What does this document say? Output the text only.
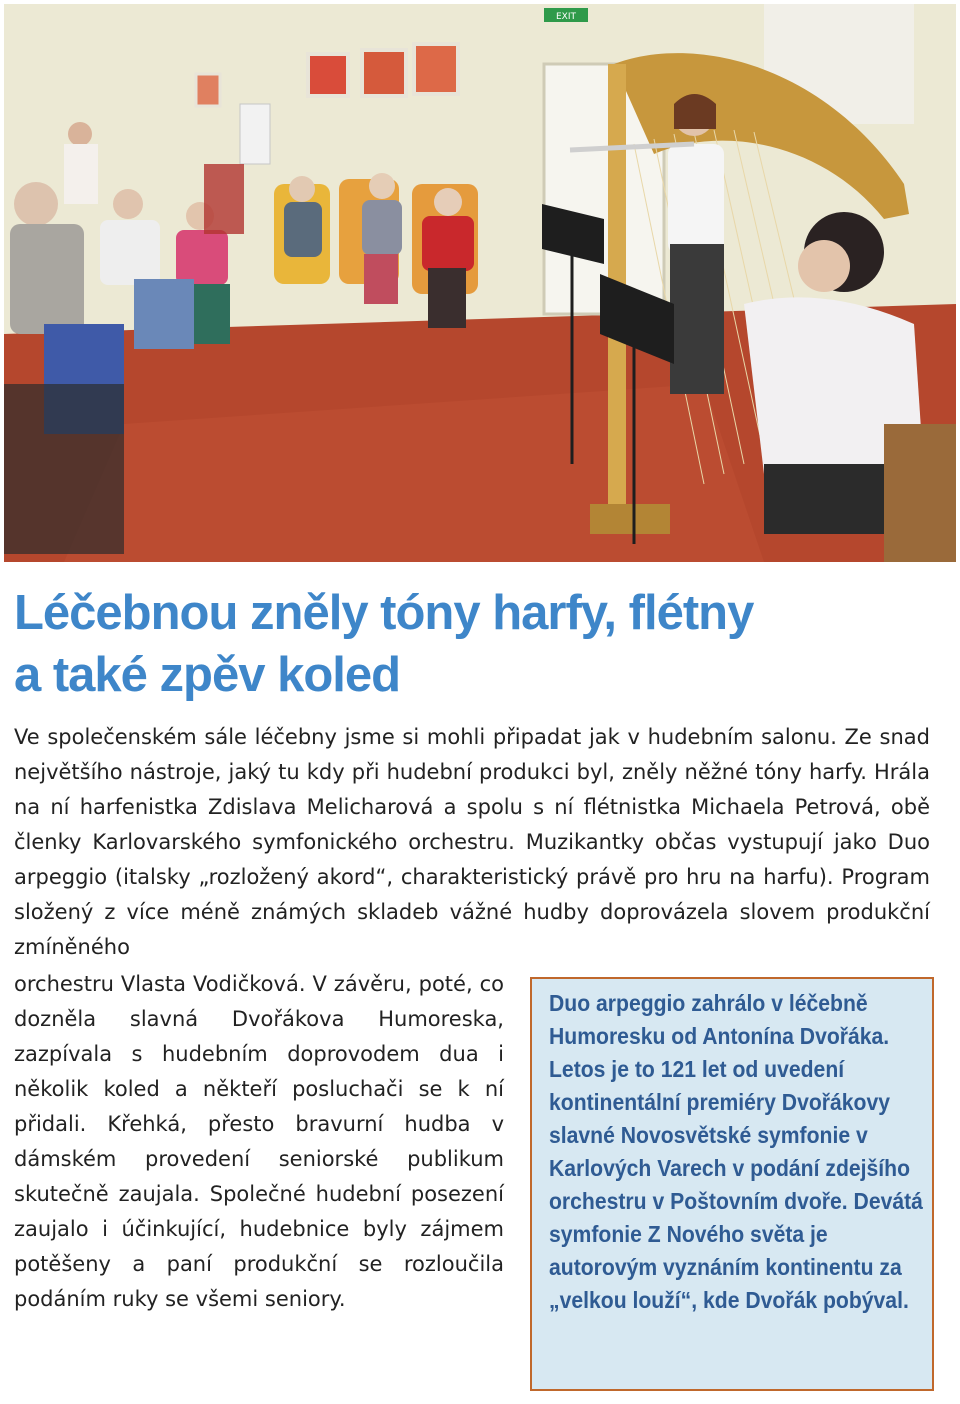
EXIT
Léčebnou zněly tóny harfy, flétny
a také zpěv koled

Ve společenském sále léčebny jsme si mohli připadat jak v hudebním salonu. Ze snad největšího nástroje, jaký tu kdy při hudební produkci byl, zněly něžné tóny harfy. Hrála na ní harfenistka Zdislava Melicharová a spolu s ní flétnistka Michaela Petrová, obě členky Karlovarského symfonického orchestru. Muzikantky občas vystupují jako Duo arpeggio (italsky „rozložený akord“, charakteristický právě pro hru na harfu). Program složený z více méně známých skladeb vážné hudby doprovázela slovem produkční zmíněného

orchestru Vlasta Vodičková. V závěru, poté, co dozněla slavná Dvořákova Humoreska, zazpívala s hudebním doprovodem dua i několik koled a někteří posluchači se k ní přidali. Křehká, přesto bravurní hudba v dámském provedení seniorské publikum skutečně zaujala. Společné hudební posezení zaujalo i účinkující, hudebnice byly zájmem potěšeny a paní produkční se rozloučila podáním ruky se všemi seniory.

Duo arpeggio zahrálo v léčebně Humoresku od Antonína Dvořáka. Letos je to 121 let od uvedení kontinentální premiéry Dvořákovy slavné Novosvětské symfonie v Karlových Varech v podání zdejšího orchestru v Poštovním dvoře. Devátá symfonie Z Nového světa je autorovým vyznáním kontinentu za „velkou louží“, kde Dvořák pobýval.
